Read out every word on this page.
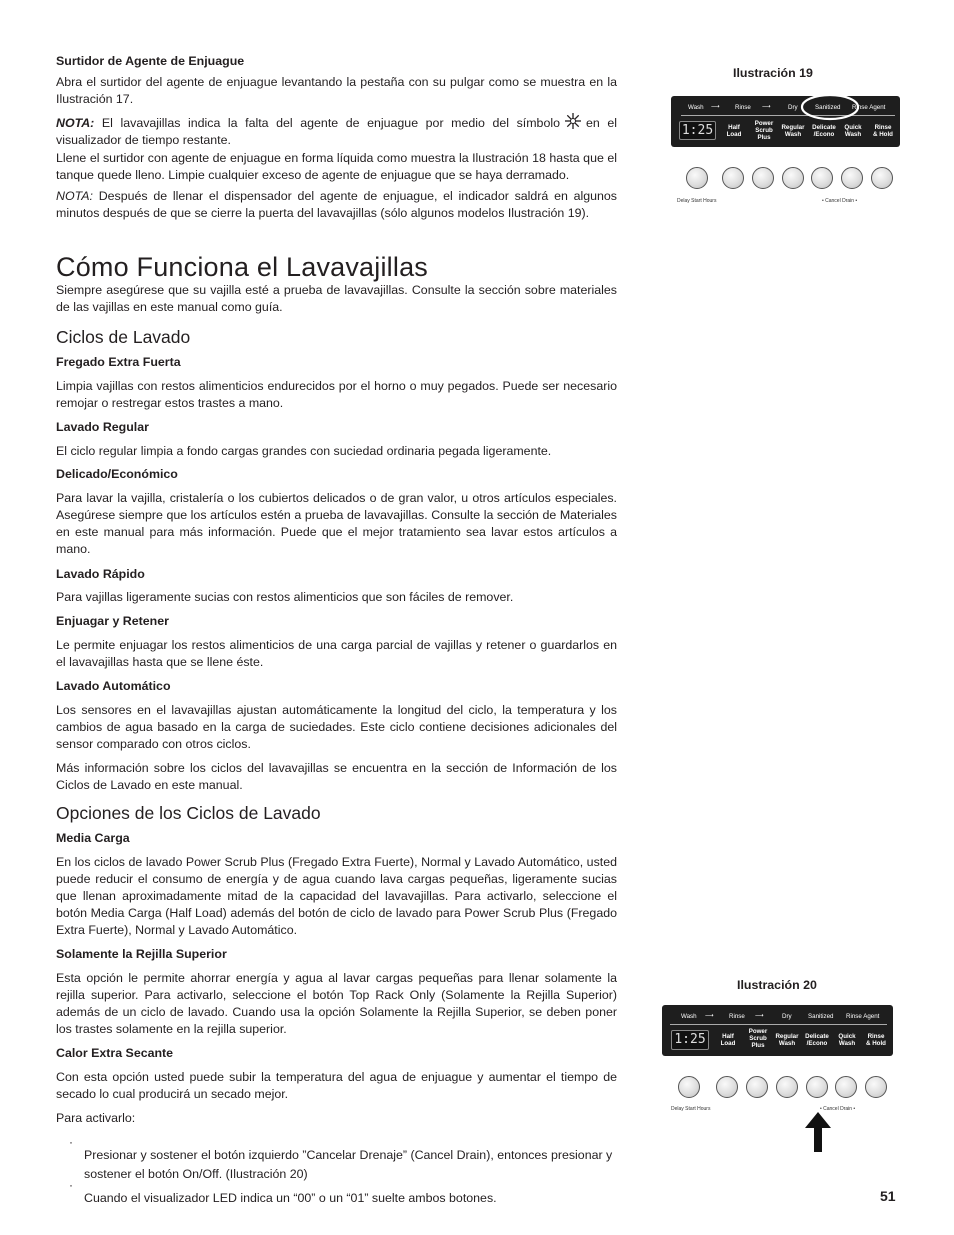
Surtidor de Agente de Enjuague

Abra el surtidor del agente de enjuague levantando la pestaña con su pulgar como se muestra en la Ilustración 17.

NOTA: El lavavajillas indica la falta del agente de enjuague por medio del símbolo en el visualizador de tiempo restante.

Llene el surtidor con agente de enjuague en forma líquida como muestra la Ilustración 18 hasta que el tanque quede lleno. Limpie cualquier exceso de agente de enjuague que se haya derramado.

NOTA: Después de llenar el dispensador del agente de enjuague, el indicador saldrá en algunos minutos después de que se cierre la puerta del lavavajillas (sólo algunos modelos Ilustración 19).

Cómo Funciona el Lavavajillas

Siempre asegúrese que su vajilla esté a prueba de lavavajillas. Consulte la sección sobre materiales de las vajillas en este manual como guía.

Ciclos de Lavado

Fregado Extra Fuerta

Limpia vajillas con restos alimenticios endurecidos por el horno o muy pegados. Puede ser necesario remojar o restregar estos trastes a mano.

Lavado Regular

El ciclo regular limpia a fondo cargas grandes con suciedad ordinaria pegada ligeramente.

Delicado/Económico

Para lavar la vajilla, cristalería o los cubiertos delicados o de gran valor, u otros artículos especiales. Asegúrese siempre que los artículos estén a prueba de lavavajillas. Consulte la sección de Materiales en este manual para más información. Puede que el mejor tratamiento sea lavar estos artículos a mano.

Lavado Rápido

Para vajillas ligeramente sucias con restos alimenticios que son fáciles de remover.

Enjuagar y Retener

Le permite enjuagar los restos alimenticios de una carga parcial de vajillas y retener o guardarlos en el lavavajillas hasta que se llene éste.

Lavado Automático

Los sensores en el lavavajillas ajustan automáticamente la longitud del ciclo, la temperatura y los cambios de agua basado en la carga de suciedades. Este ciclo contiene decisiones adicionales del sensor comparado con otros ciclos.

Más información sobre los ciclos del lavavajillas se encuentra en la sección de Información de los Ciclos de Lavado en este manual.

Opciones de los Ciclos de Lavado

Media Carga

En los ciclos de lavado Power Scrub Plus (Fregado Extra Fuerte), Normal y Lavado Automático, usted puede reducir el consumo de energía y de agua cuando lava cargas pequeñas, ligeramente sucias que llenan aproximadamente mitad de la capacidad del lavavajillas. Para activarlo, seleccione el botón Media Carga (Half Load) además del botón de ciclo de lavado para Power Scrub Plus (Fregado Extra Fuerte), Normal y Lavado Automático.

Solamente la Rejilla Superior

Esta opción le permite ahorrar energía y agua al lavar cargas pequeñas para llenar solamente la rejilla superior. Para activarlo, seleccione el botón Top Rack Only (Solamente la Rejilla Superior) además de un ciclo de lavado. Cuando usa la opción Solamente la Rejilla Superior, se deben poner los trastes solamente en la rejilla superior.

Calor Extra Secante

Con esta opción usted puede subir la temperatura del agua de enjuague y aumentar el tiempo de secado lo cual producirá un secado mejor.

Para activarlo:

·

Presionar y sostener el botón izquierdo ”Cancelar Drenaje” (Cancel Drain), entonces presionar y sostener el botón On/Off. (Ilustración 20)

·

Cuando el visualizador LED indica un “00” o un “01” suelte ambos botones.

Ilustración 19
Wash ⟶ Rinse ⟶	Dry	Sanitized Rinse Agent
1:25	Half
Load
Power
Scrub
Plus
Regular
Wash
Delicate
/Econo
Quick
Wash
Rinse
& Hold
Delay Start Hours	• Cancel Drain •
Ilustración 20
Wash ⟶ Rinse ⟶	Dry	Sanitized Rinse Agent
1:25	Half
Load
Power
Scrub
Plus
Regular
Wash
Delicate
/Econo
Quick
Wash
Rinse
& Hold
Delay Start Hours	• Cancel Drain •
51
